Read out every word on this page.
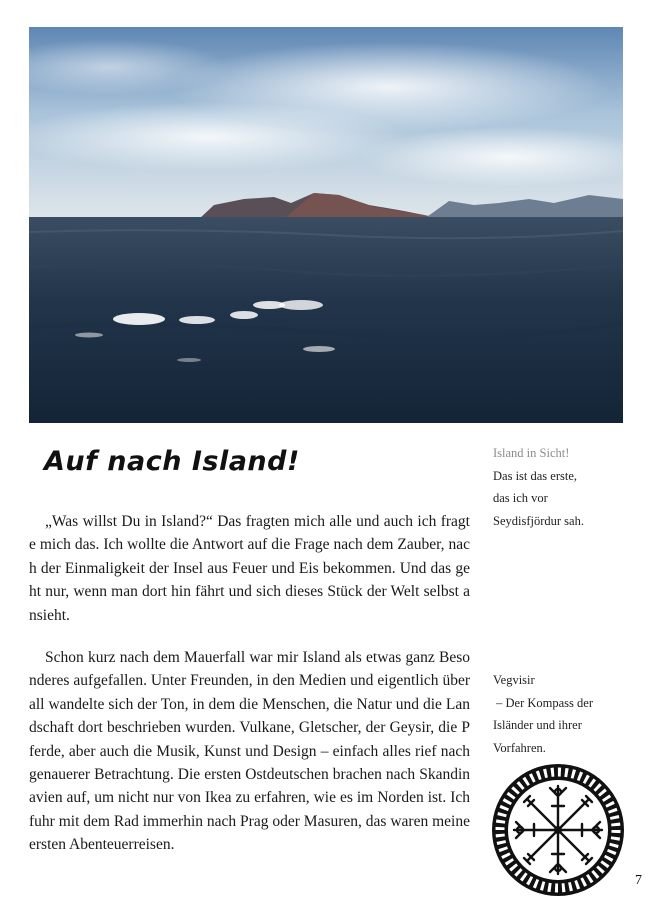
Auf nach Island!

„Was willst Du in Island?“ Das fragten mich alle und auch ich fragte mich das. Ich wollte die Antwort auf die Frage nach dem Zauber, nach der Einmaligkeit der Insel aus Feuer und Eis bekommen. Und das geht nur, wenn man dort hin fährt und sich dieses Stück der Welt selbst ansieht.

Schon kurz nach dem Mauerfall war mir Island als etwas ganz Besonderes aufgefallen. Unter Freunden, in den Medien und eigentlich überall wandelte sich der Ton, in dem die Menschen, die Natur und die Landschaft dort beschrieben wurden. Vulkane, Gletscher, der Geysir, die Pferde, aber auch die Musik, Kunst und Design – einfach alles rief nach genauerer Betrachtung. Die ersten Ostdeutschen brachen nach Skandinavien auf, um nicht nur von Ikea zu erfahren, wie es im Norden ist. Ich fuhr mit dem Rad immerhin nach Prag oder Masuren, das waren meine ersten Abenteuerreisen.

Island in Sicht!
Das ist das erste,
das ich vor
Seydisfjördur sah.
Vegvisir
– Der Kompass der
Isländer und ihrer
Vorfahren.
7
